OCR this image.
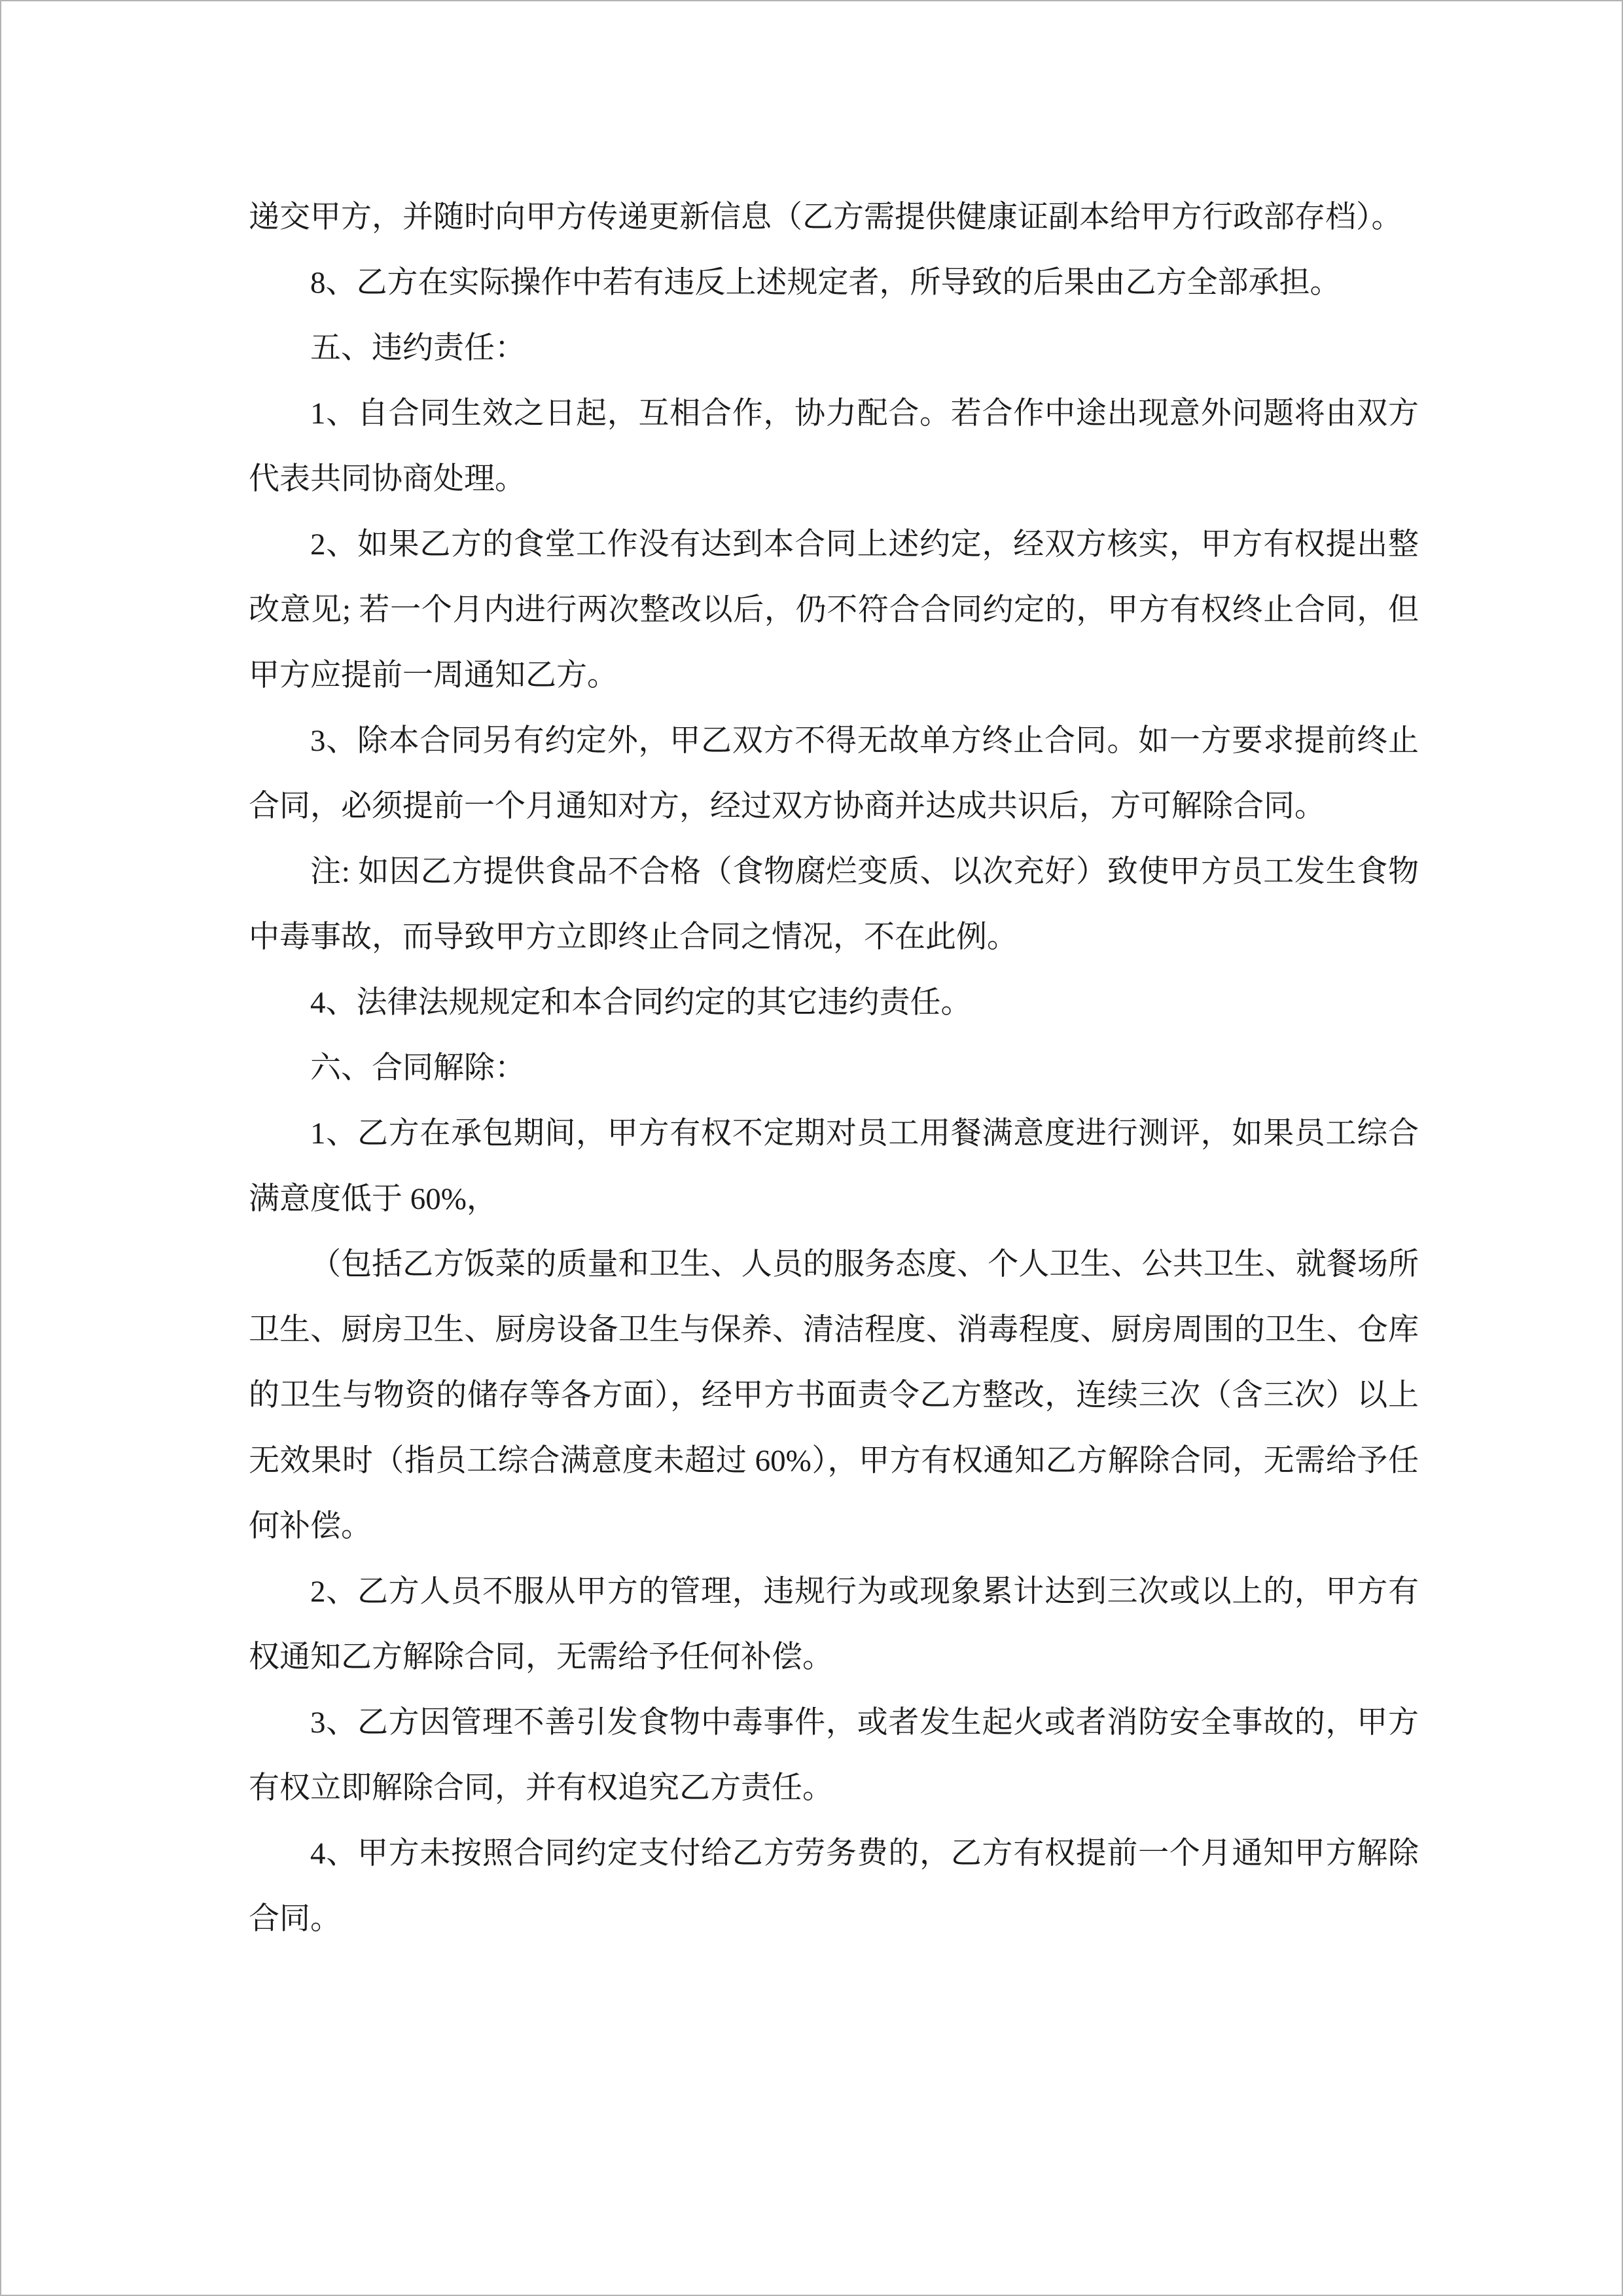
递交甲方，并随时向甲方传递更新信息（乙方需提供健康证副本给甲方行政部存档）。

8、乙方在实际操作中若有违反上述规定者，所导致的后果由乙方全部承担。

五、违约责任：

1、自合同生效之日起，互相合作，协力配合。若合作中途出现意外问题将由双方代表共同协商处理。

2、如果乙方的食堂工作没有达到本合同上述约定，经双方核实，甲方有权提出整改意见; 若一个月内进行两次整改以后，仍不符合合同约定的，甲方有权终止合同，但甲方应提前一周通知乙方。

3、除本合同另有约定外，甲乙双方不得无故单方终止合同。如一方要求提前终止合同，必须提前一个月通知对方，经过双方协商并达成共识后，方可解除合同。

注: 如因乙方提供食品不合格（食物腐烂变质、以次充好）致使甲方员工发生食物中毒事故，而导致甲方立即终止合同之情况，不在此例。

4、法律法规规定和本合同约定的其它违约责任。

六、合同解除：

1、乙方在承包期间，甲方有权不定期对员工用餐满意度进行测评，如果员工综合满意度低于 60%，

（包括乙方饭菜的质量和卫生、人员的服务态度、个人卫生、公共卫生、就餐场所卫生、厨房卫生、厨房设备卫生与保养、清洁程度、消毒程度、厨房周围的卫生、仓库的卫生与物资的储存等各方面），经甲方书面责令乙方整改，连续三次（含三次）以上无效果时（指员工综合满意度未超过 60%），甲方有权通知乙方解除合同，无需给予任何补偿。

2、乙方人员不服从甲方的管理，违规行为或现象累计达到三次或以上的，甲方有权通知乙方解除合同，无需给予任何补偿。

3、乙方因管理不善引发食物中毒事件，或者发生起火或者消防安全事故的，甲方有权立即解除合同，并有权追究乙方责任。

4、甲方未按照合同约定支付给乙方劳务费的，乙方有权提前一个月通知甲方解除合同。
